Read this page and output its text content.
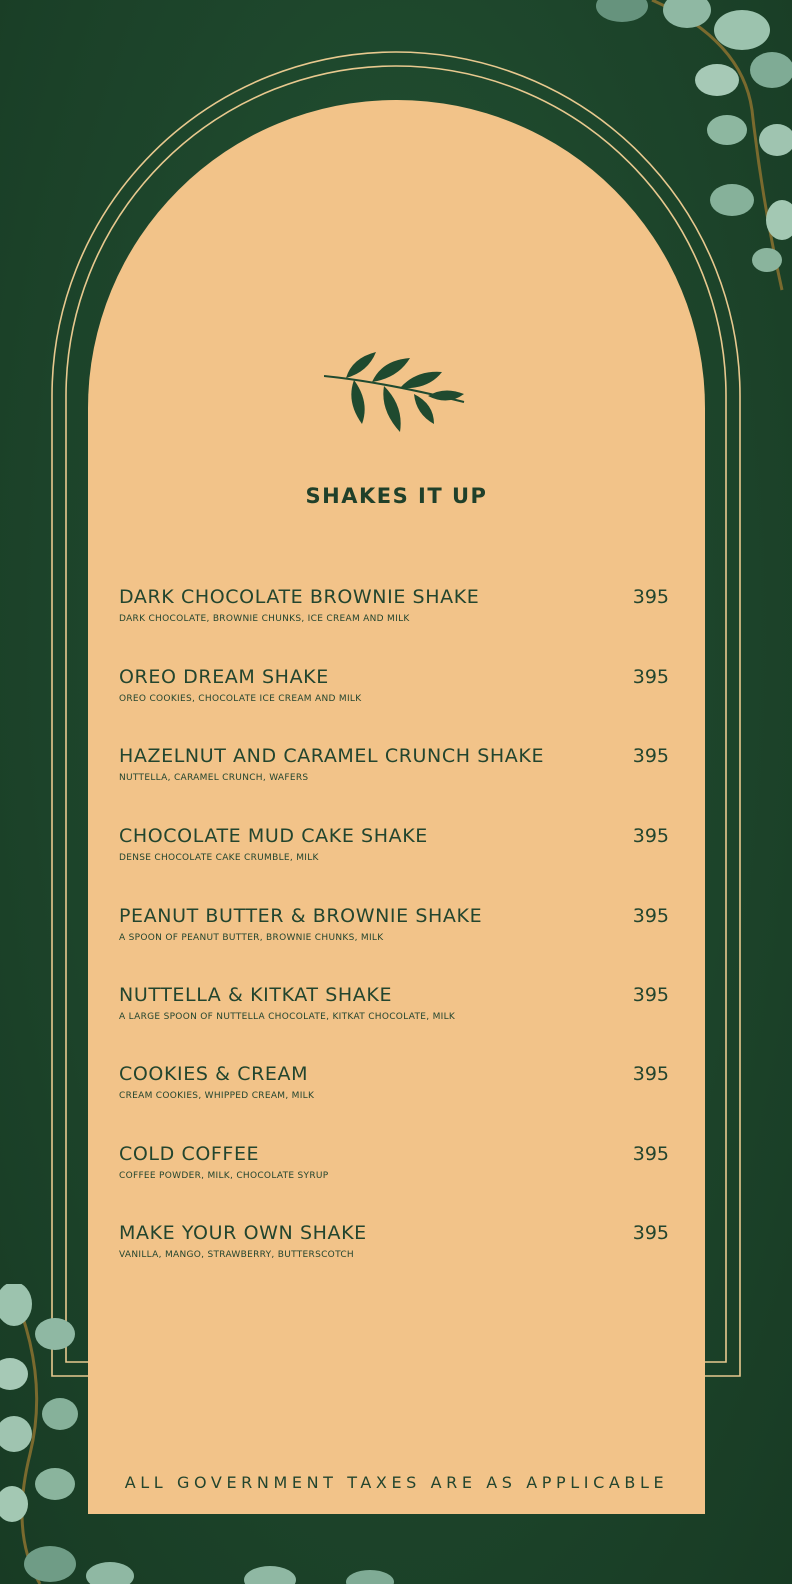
SHAKES IT UP
DARK CHOCOLATE BROWNIE SHAKE
DARK CHOCOLATE, BROWNIE CHUNKS, ICE CREAM AND MILK
395
OREO DREAM SHAKE
OREO COOKIES, CHOCOLATE ICE CREAM AND MILK
395
HAZELNUT AND CARAMEL CRUNCH SHAKE
NUTTELLA, CARAMEL CRUNCH, WAFERS
395
CHOCOLATE MUD CAKE SHAKE
DENSE CHOCOLATE CAKE CRUMBLE, MILK
395
PEANUT BUTTER & BROWNIE SHAKE
A SPOON OF PEANUT BUTTER, BROWNIE CHUNKS, MILK
395
NUTTELLA & KITKAT SHAKE
A LARGE SPOON OF NUTTELLA CHOCOLATE, KITKAT CHOCOLATE, MILK
395
COOKIES & CREAM
CREAM COOKIES, WHIPPED CREAM, MILK
395
COLD COFFEE
COFFEE POWDER, MILK, CHOCOLATE SYRUP
395
MAKE YOUR OWN SHAKE
VANILLA, MANGO, STRAWBERRY, BUTTERSCOTCH
395
ALL GOVERNMENT TAXES ARE AS APPLICABLE
